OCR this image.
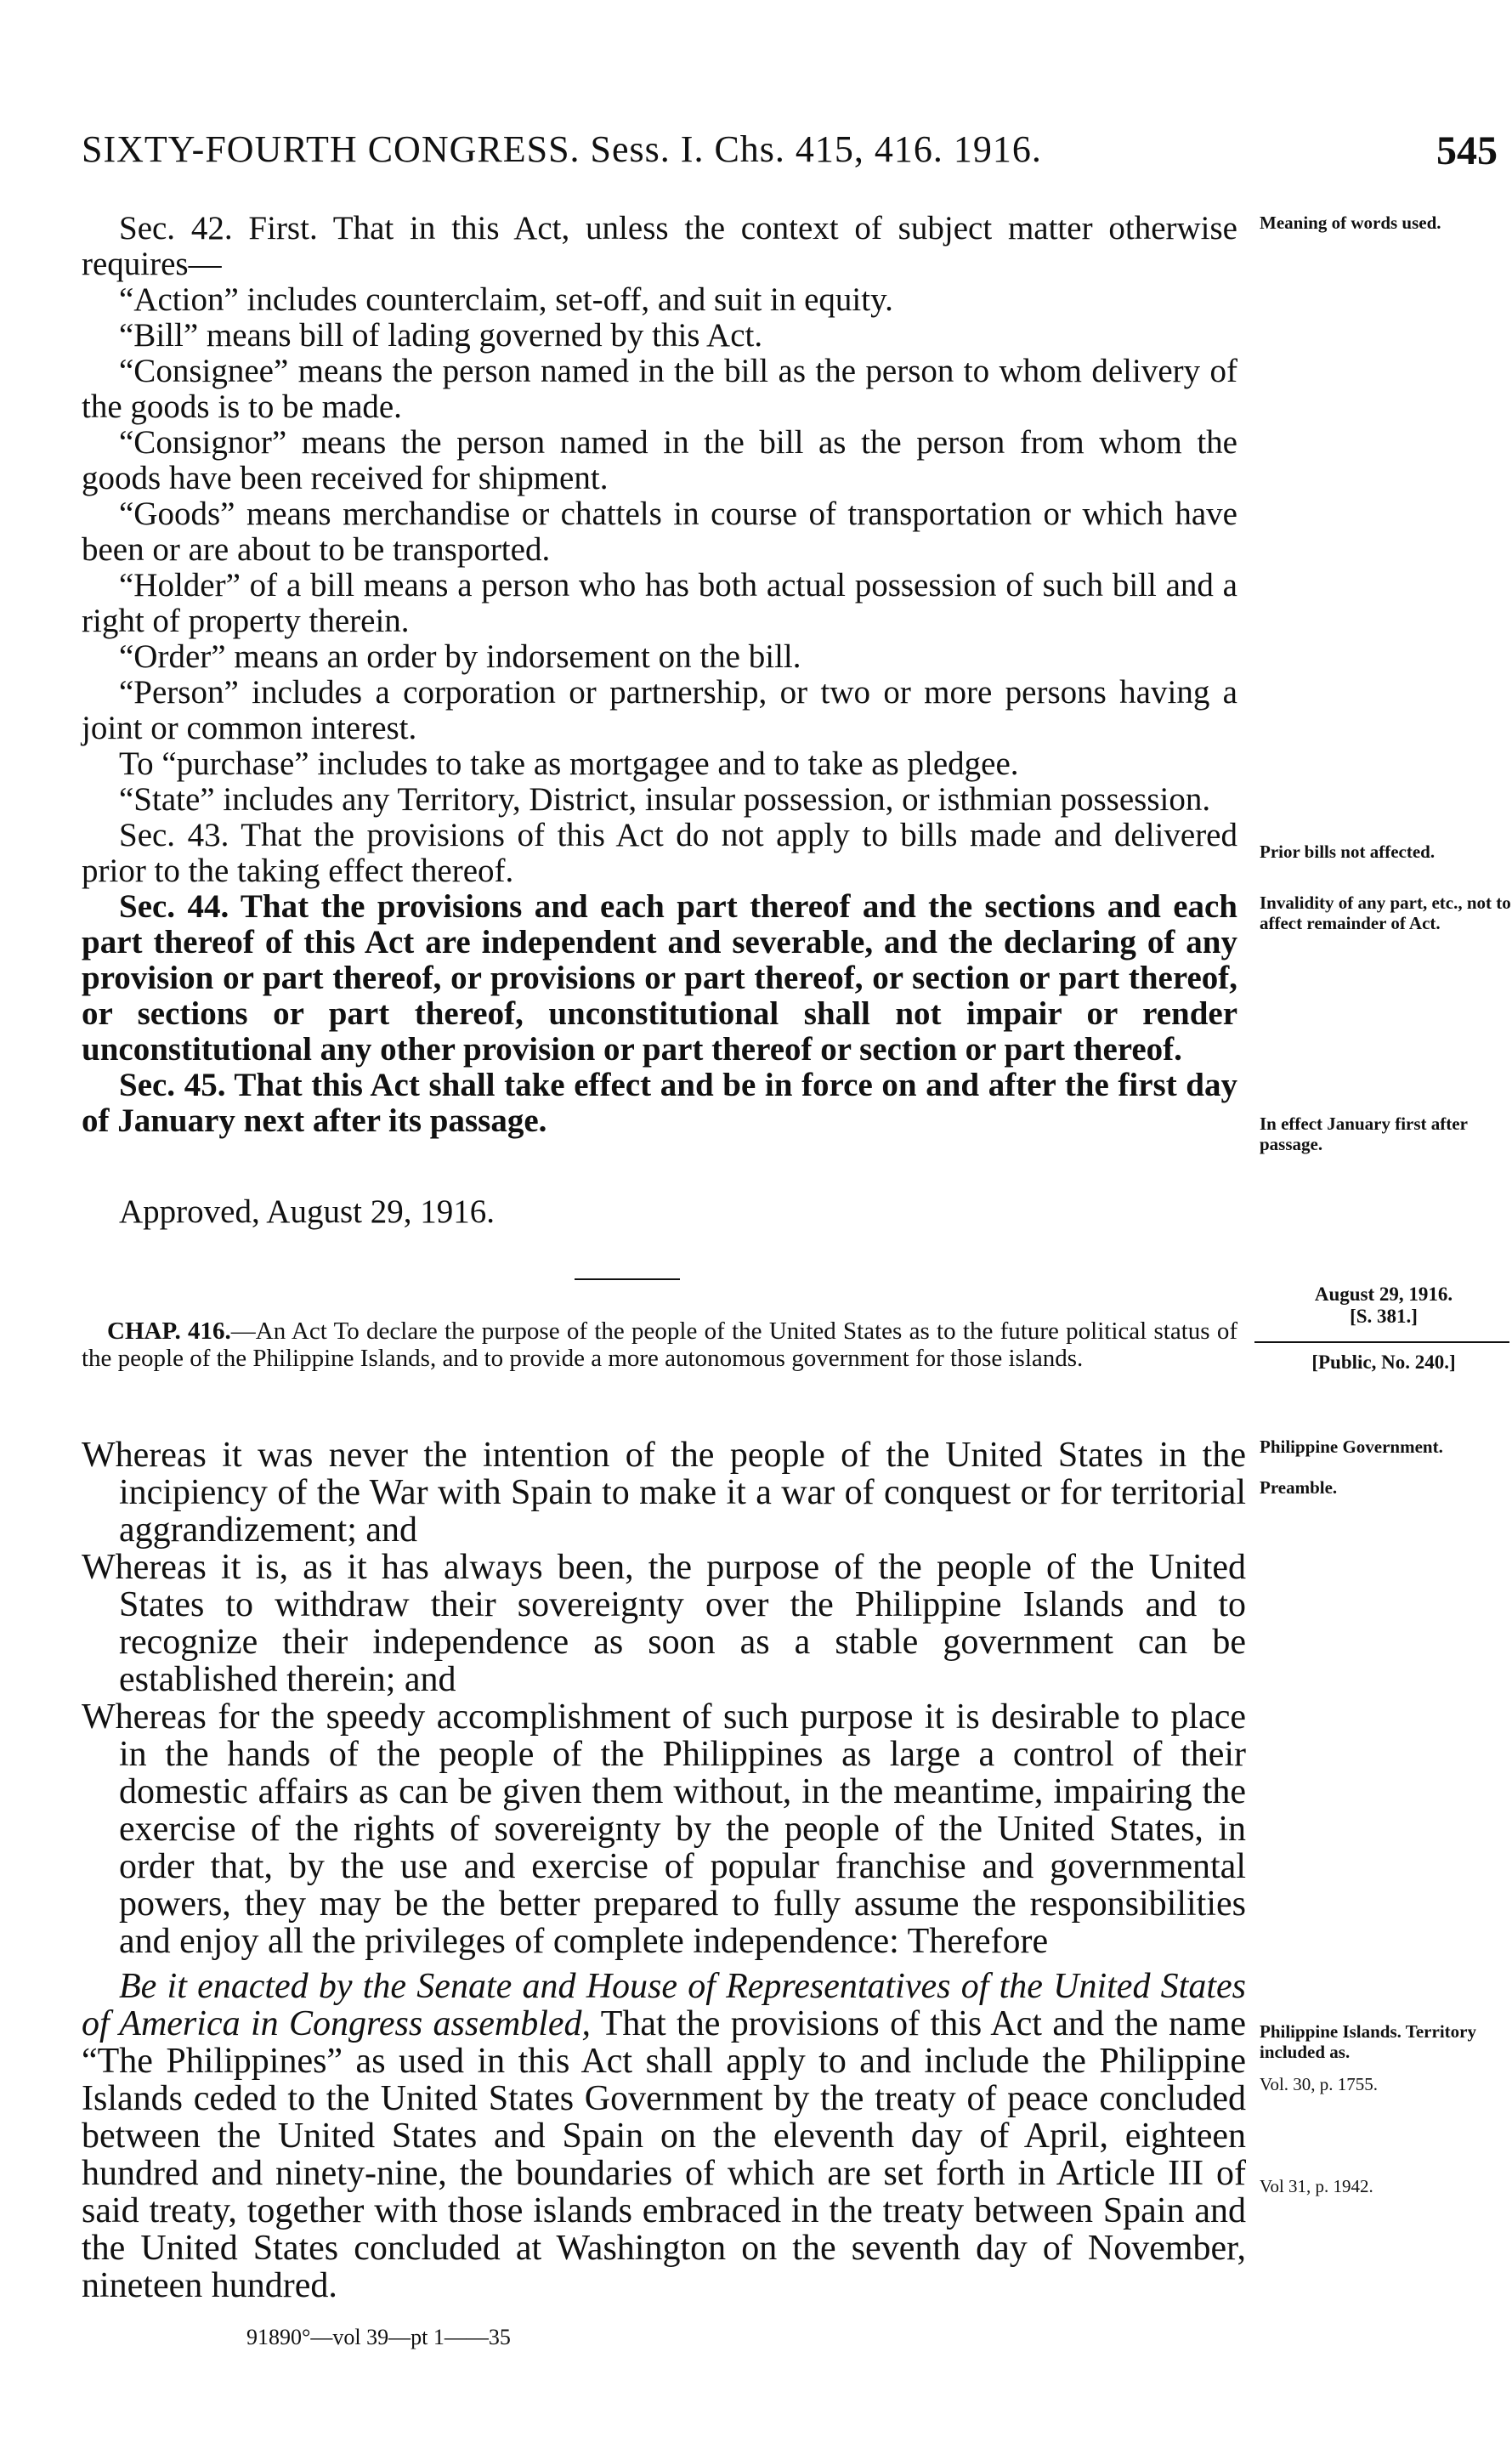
SIXTY-FOURTH CONGRESS. Sess. I. Chs. 415, 416. 1916.	545

Sec. 42. First. That in this Act, unless the context of subject matter otherwise requires—

“Action” includes counterclaim, set-off, and suit in equity.

“Bill” means bill of lading governed by this Act.

“Consignee” means the person named in the bill as the person to whom delivery of the goods is to be made.

“Consignor” means the person named in the bill as the person from whom the goods have been received for shipment.

“Goods” means merchandise or chattels in course of transportation or which have been or are about to be transported.

“Holder” of a bill means a person who has both actual possession of such bill and a right of property therein.

“Order” means an order by indorsement on the bill.

“Person” includes a corporation or partnership, or two or more persons having a joint or common interest.

To “purchase” includes to take as mortgagee and to take as pledgee.

“State” includes any Territory, District, insular possession, or isthmian possession.

Sec. 43. That the provisions of this Act do not apply to bills made and delivered prior to the taking effect thereof.

Sec. 44. That the provisions and each part thereof and the sections and each part thereof of this Act are independent and severable, and the declaring of any provision or part thereof, or provisions or part thereof, or section or part thereof, or sections or part thereof, unconstitutional shall not impair or render unconstitutional any other provision or part thereof or section or part thereof.

Sec. 45. That this Act shall take effect and be in force on and after the first day of January next after its passage.

Meaning of words used.
Prior bills not affected.
Invalidity of any part, etc., not to affect remainder of Act.
In effect January first after passage.
Approved, August 29, 1916.
August 29, 1916.
[S. 381.]
[Public, No. 240.]
CHAP. 416.—An Act To declare the purpose of the people of the United States as to the future political status of the people of the Philippine Islands, and to provide a more autonomous government for those islands.
Philippine Government.
Preamble.

Whereas it was never the intention of the people of the United States in the incipiency of the War with Spain to make it a war of conquest or for territorial aggrandizement; and

Whereas it is, as it has always been, the purpose of the people of the United States to withdraw their sovereignty over the Philippine Islands and to recognize their independence as soon as a stable government can be established therein; and

Whereas for the speedy accomplishment of such purpose it is desirable to place in the hands of the people of the Philippines as large a control of their domestic affairs as can be given them without, in the meantime, impairing the exercise of the rights of sovereignty by the people of the United States, in order that, by the use and exercise of popular franchise and governmental powers, they may be the better prepared to fully assume the responsibilities and enjoy all the privileges of complete independence: Therefore

Be it enacted by the Senate and House of Representatives of the United States of America in Congress assembled, That the provisions of this Act and the name “The Philippines” as used in this Act shall apply to and include the Philippine Islands ceded to the United States Government by the treaty of peace concluded between the United States and Spain on the eleventh day of April, eighteen hundred and ninety-nine, the boundaries of which are set forth in Article III of said treaty, together with those islands embraced in the treaty between Spain and the United States concluded at Washington on the seventh day of November, nineteen hundred.
Philippine Islands. Territory included as.
Vol. 30, p. 1755.
Vol 31, p. 1942.
91890°—vol 39—pt 1——35
